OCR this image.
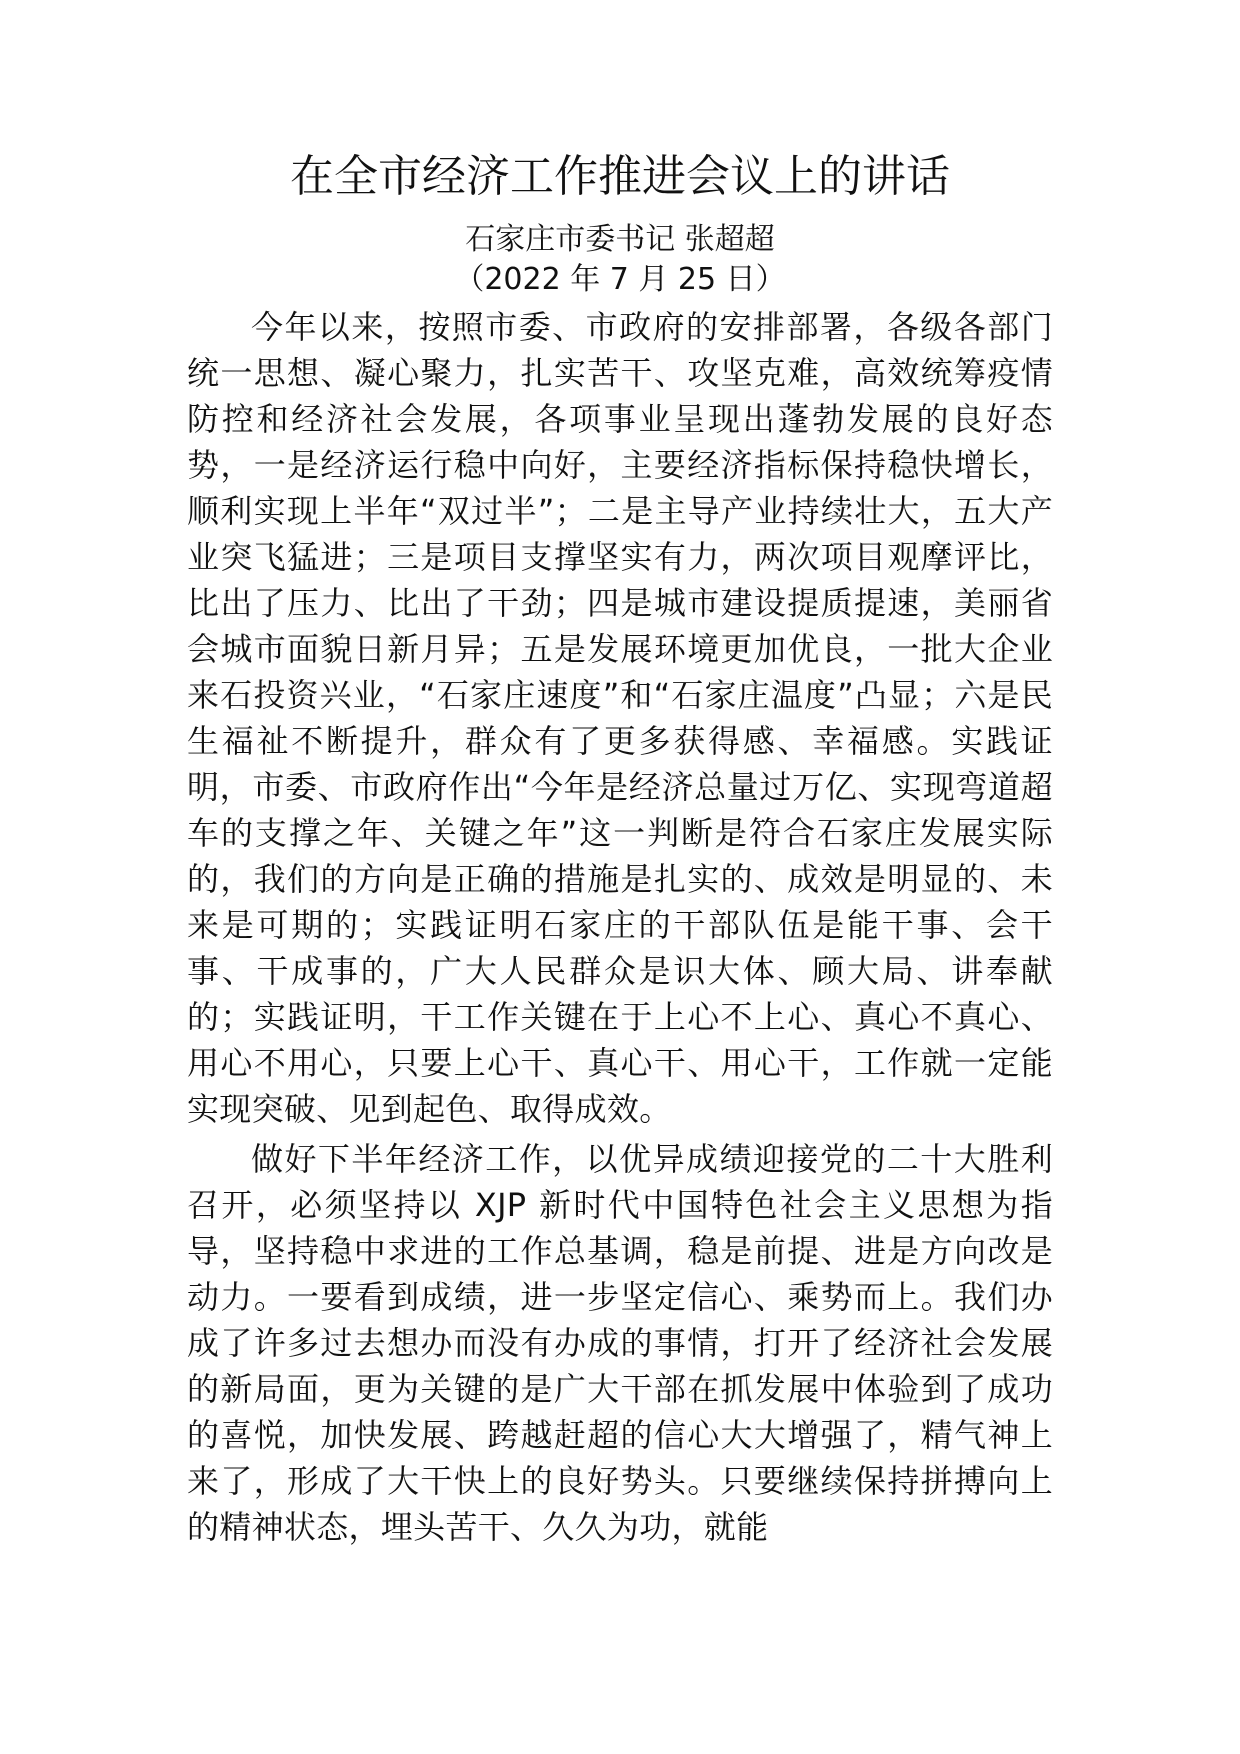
在全市经济工作推进会议上的讲话
石家庄市委书记 张超超
（2022 年 7 月 25 日）

今年以来，按照市委、市政府的安排部署，各级各部门统一思想、凝心聚力，扎实苦干、攻坚克难，高效统筹疫情防控和经济社会发展，各项事业呈现出蓬勃发展的良好态势，一是经济运行稳中向好，主要经济指标保持稳快增长，顺利实现上半年“双过半”；二是主导产业持续壮大，五大产业突飞猛进；三是项目支撑坚实有力，两次项目观摩评比，比出了压力、比出了干劲；四是城市建设提质提速，美丽省会城市面貌日新月异；五是发展环境更加优良，一批大企业来石投资兴业，“石家庄速度”和“石家庄温度”凸显；六是民生福祉不断提升，群众有了更多获得感、幸福感。实践证明，市委、市政府作出“今年是经济总量过万亿、实现弯道超车的支撑之年、关键之年”这一判断是符合石家庄发展实际的，我们的方向是正确的措施是扎实的、成效是明显的、未来是可期的；实践证明石家庄的干部队伍是能干事、会干事、干成事的，广大人民群众是识大体、顾大局、讲奉献的；实践证明，干工作关键在于上心不上心、真心不真心、用心不用心，只要上心干、真心干、用心干，工作就一定能实现突破、见到起色、取得成效。

做好下半年经济工作，以优异成绩迎接党的二十大胜利召开，必须坚持以 XJP 新时代中国特色社会主义思想为指导，坚持稳中求进的工作总基调，稳是前提、进是方向改是动力。一要看到成绩，进一步坚定信心、乘势而上。我们办成了许多过去想办而没有办成的事情，打开了经济社会发展的新局面，更为关键的是广大干部在抓发展中体验到了成功的喜悦，加快发展、跨越赶超的信心大大增强了，精气神上来了，形成了大干快上的良好势头。只要继续保持拼搏向上的精神状态，埋头苦干、久久为功，就能
